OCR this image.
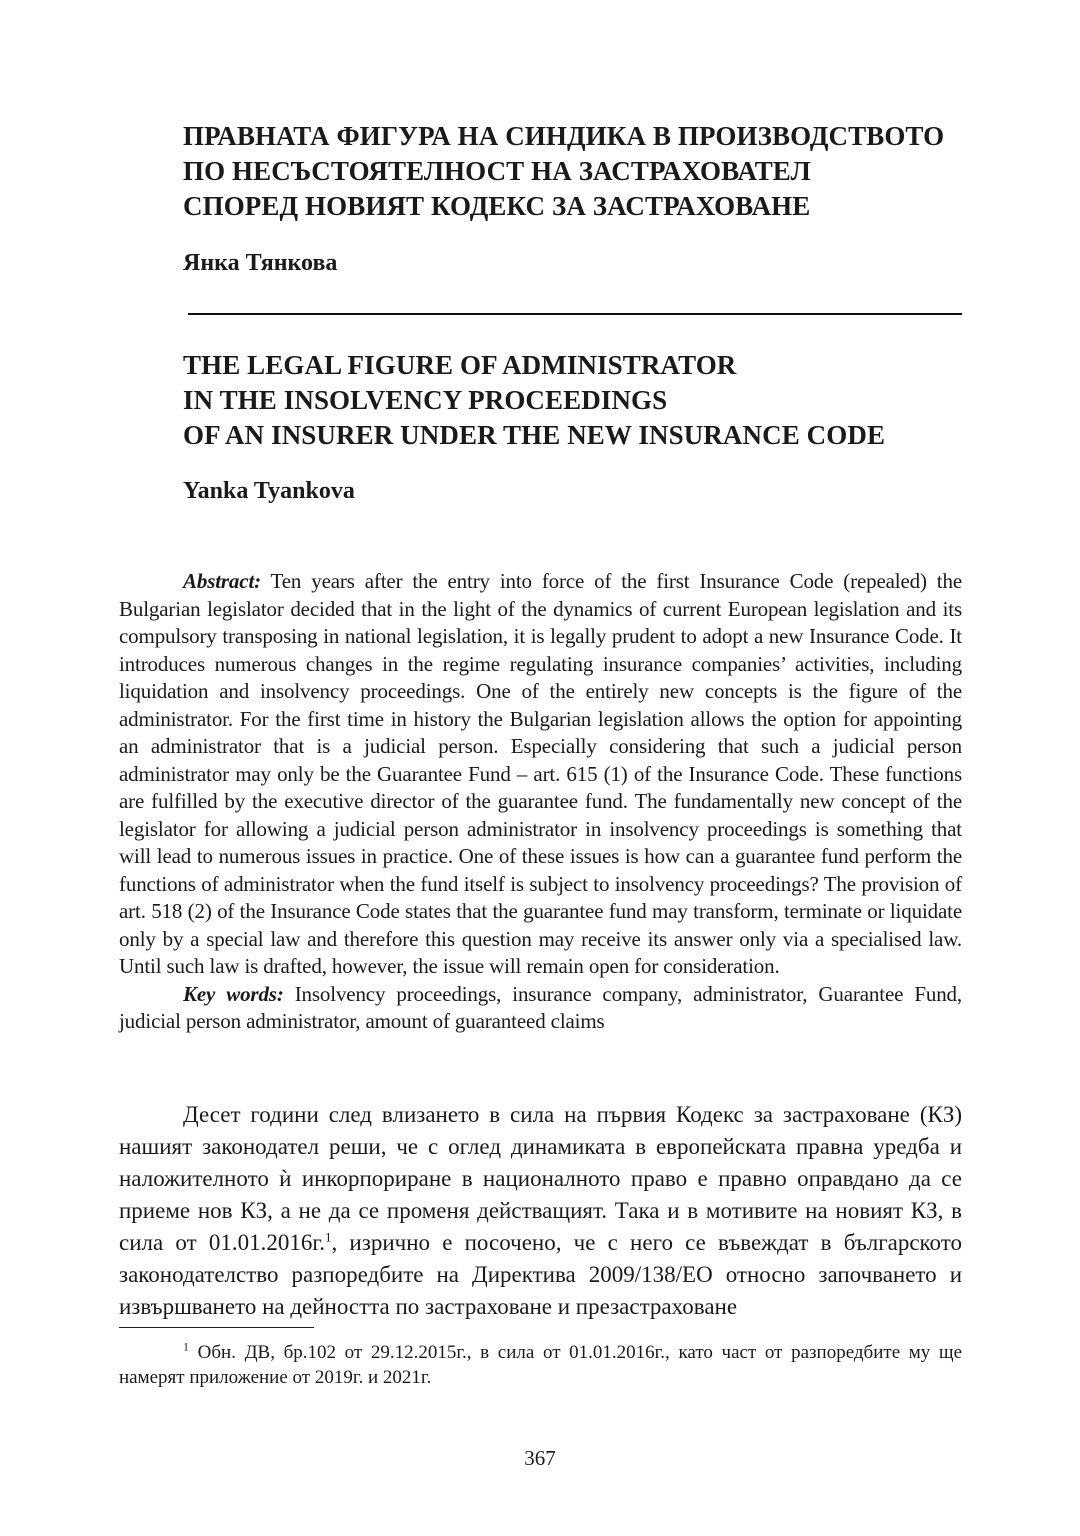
ПРАВНАТА ФИГУРА НА СИНДИКА В ПРОИЗВОДСТВОТО
ПО НЕСЪСТОЯТЕЛНОСТ НА ЗАСТРАХОВАТЕЛ
СПОРЕД НОВИЯТ КОДЕКС ЗА ЗАСТРАХОВАНЕ

Янка Тянкова

THE LEGAL FIGURE OF ADMINISTRATOR
IN THE INSOLVENCY PROCEEDINGS
OF AN INSURER UNDER THE NEW INSURANCE CODE

Yanka Tyankova

Abstract: Ten years after the entry into force of the first Insurance Code (repealed) the Bulgarian legislator decided that in the light of the dynamics of current European legislation and its compulsory transposing in national legislation, it is legally prudent to adopt a new Insurance Code. It introduces numerous changes in the regime regulating insurance companies’ activities, including liquidation and insolvency proceedings. One of the entirely new concepts is the figure of the administrator. For the first time in history the Bulgarian legislation allows the option for appointing an administrator that is a judicial person. Especially considering that such a judicial person administrator may only be the Guarantee Fund – art. 615 (1) of the Insurance Code. These functions are fulfilled by the executive director of the guarantee fund. The fundamentally new concept of the legislator for allowing a judicial person administrator in insolvency proceedings is something that will lead to numerous issues in practice. One of these issues is how can a guarantee fund perform the functions of administrator when the fund itself is subject to insolvency proceedings? The provision of art. 518 (2) of the Insurance Code states that the guarantee fund may transform, terminate or liquidate only by a special law and therefore this question may receive its answer only via a specialised law. Until such law is drafted, however, the issue will remain open for consideration.

Key words: Insolvency proceedings, insurance company, administrator, Guarantee Fund, judicial person administrator, amount of guaranteed claims

Десет години след влизането в сила на първия Кодекс за застраховане (КЗ) нашият законодател реши, че с оглед динамиката в европейската правна уредба и наложителното ѝ инкорпориране в националното право е правно оправдано да се приеме нов КЗ, а не да се променя действащият. Така и в мотивите на новият КЗ, в сила от 01.01.2016г.$^1$, изрично е посочено, че с него се въвеждат в българското законодателство разпоредбите на Директива 2009/138/ЕО относно започването и извършването на дейността по застраховане и презастраховане

$^1$ Обн. ДВ, бр.102 от 29.12.2015г., в сила от 01.01.2016г., като част от разпоредбите му ще намерят приложение от 2019г. и 2021г.

367
